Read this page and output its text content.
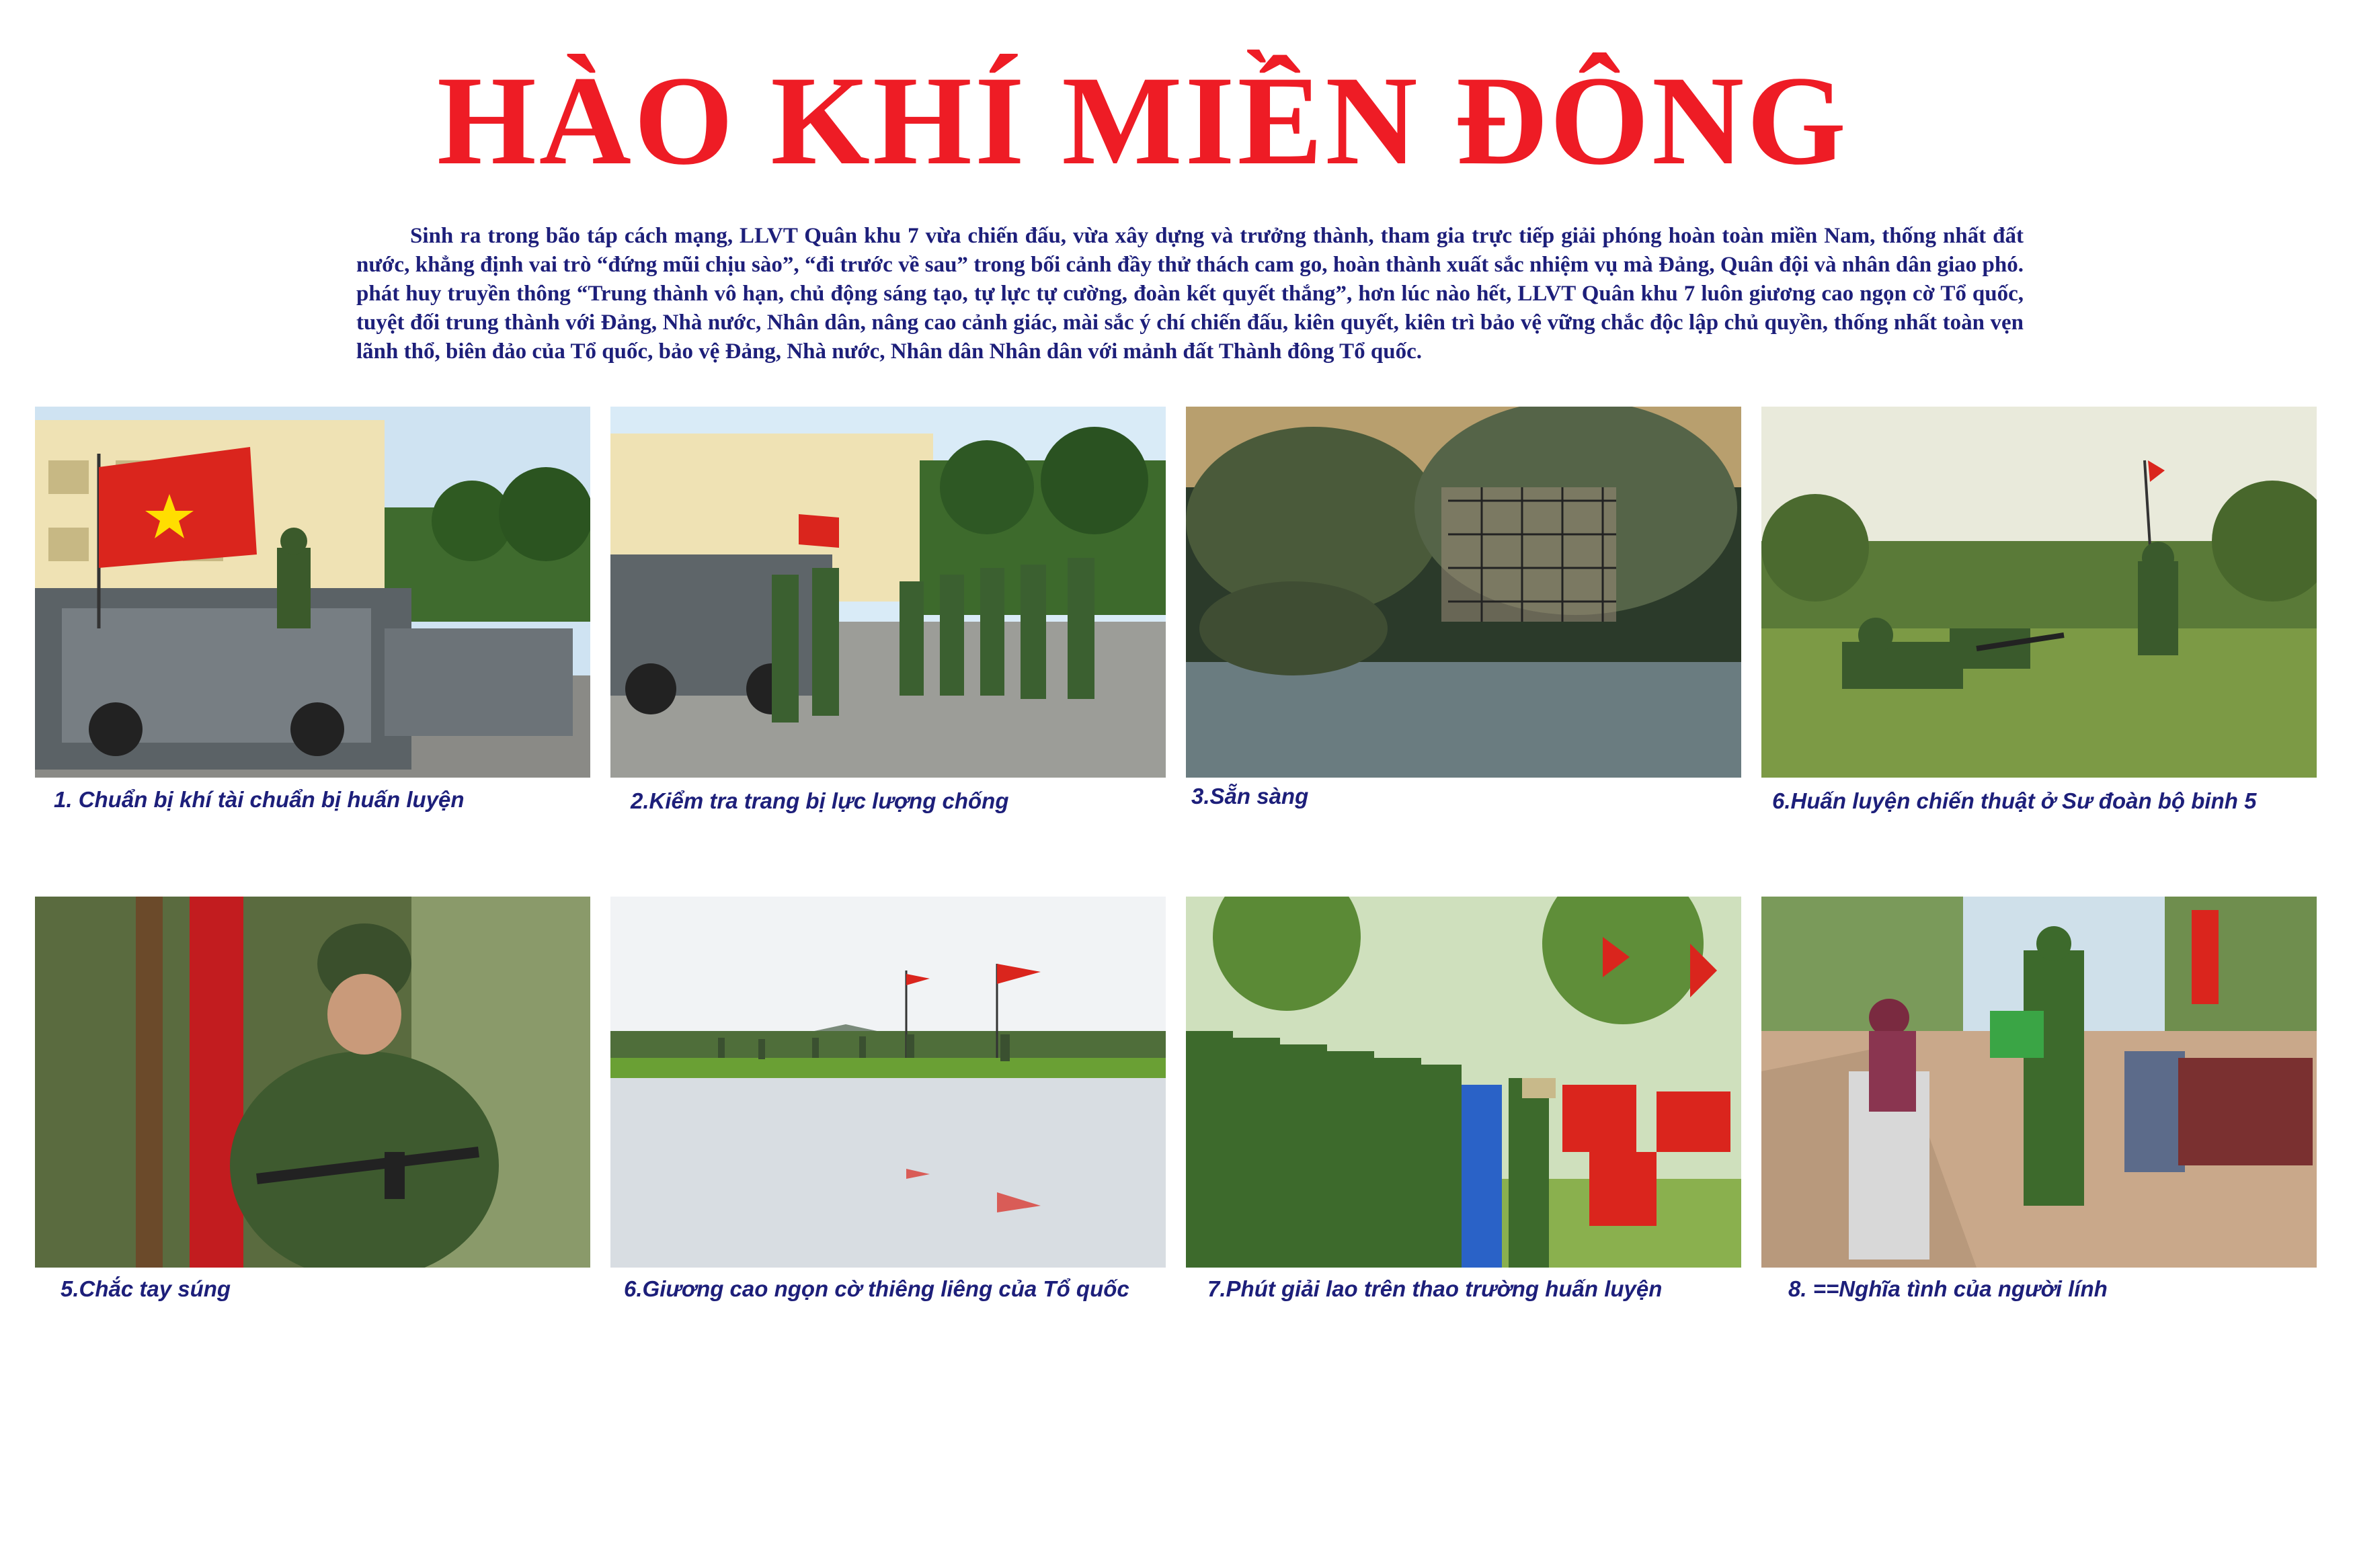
HÀO KHÍ MIỀN ĐÔNG
Sinh ra trong bão táp cách mạng, LLVT Quân khu 7 vừa chiến đấu, vừa xây dựng và trưởng thành, tham gia trực tiếp giải phóng hoàn toàn miền Nam, thống nhất đất nước, khẳng định vai trò “đứng mũi chịu sào”, “đi trước về sau” trong bối cảnh đầy thử thách cam go, hoàn thành xuất sắc nhiệm vụ mà Đảng, Quân đội và nhân dân giao phó. phát huy truyền thông “Trung thành vô hạn, chủ động sáng tạo, tự lực tự cường, đoàn kết quyết thắng”, hơn lúc nào hết, LLVT Quân khu 7 luôn giương cao ngọn cờ Tổ quốc, tuyệt đối trung thành với Đảng, Nhà nước, Nhân dân, nâng cao cảnh giác, mài sắc ý chí chiến đấu, kiên quyết, kiên trì bảo vệ vững chắc độc lập chủ quyền, thống nhất toàn vẹn lãnh thổ, biên đảo của Tổ quốc, bảo vệ Đảng, Nhà nước, Nhân dân Nhân dân với mảnh đất Thành đông Tổ quốc.
1. Chuẩn bị khí tài chuẩn bị huấn luyện	2.Kiểm tra trang bị lực lượng chống	3.Sẵn sàng	6.Huấn luyện chiến thuật ở Sư đoàn bộ binh 5
5.Chắc tay súng	6.Giương cao ngọn cờ thiêng liêng của Tổ quốc	7.Phút giải lao trên thao trường huấn luyện	8. ==Nghĩa tình của người lính
